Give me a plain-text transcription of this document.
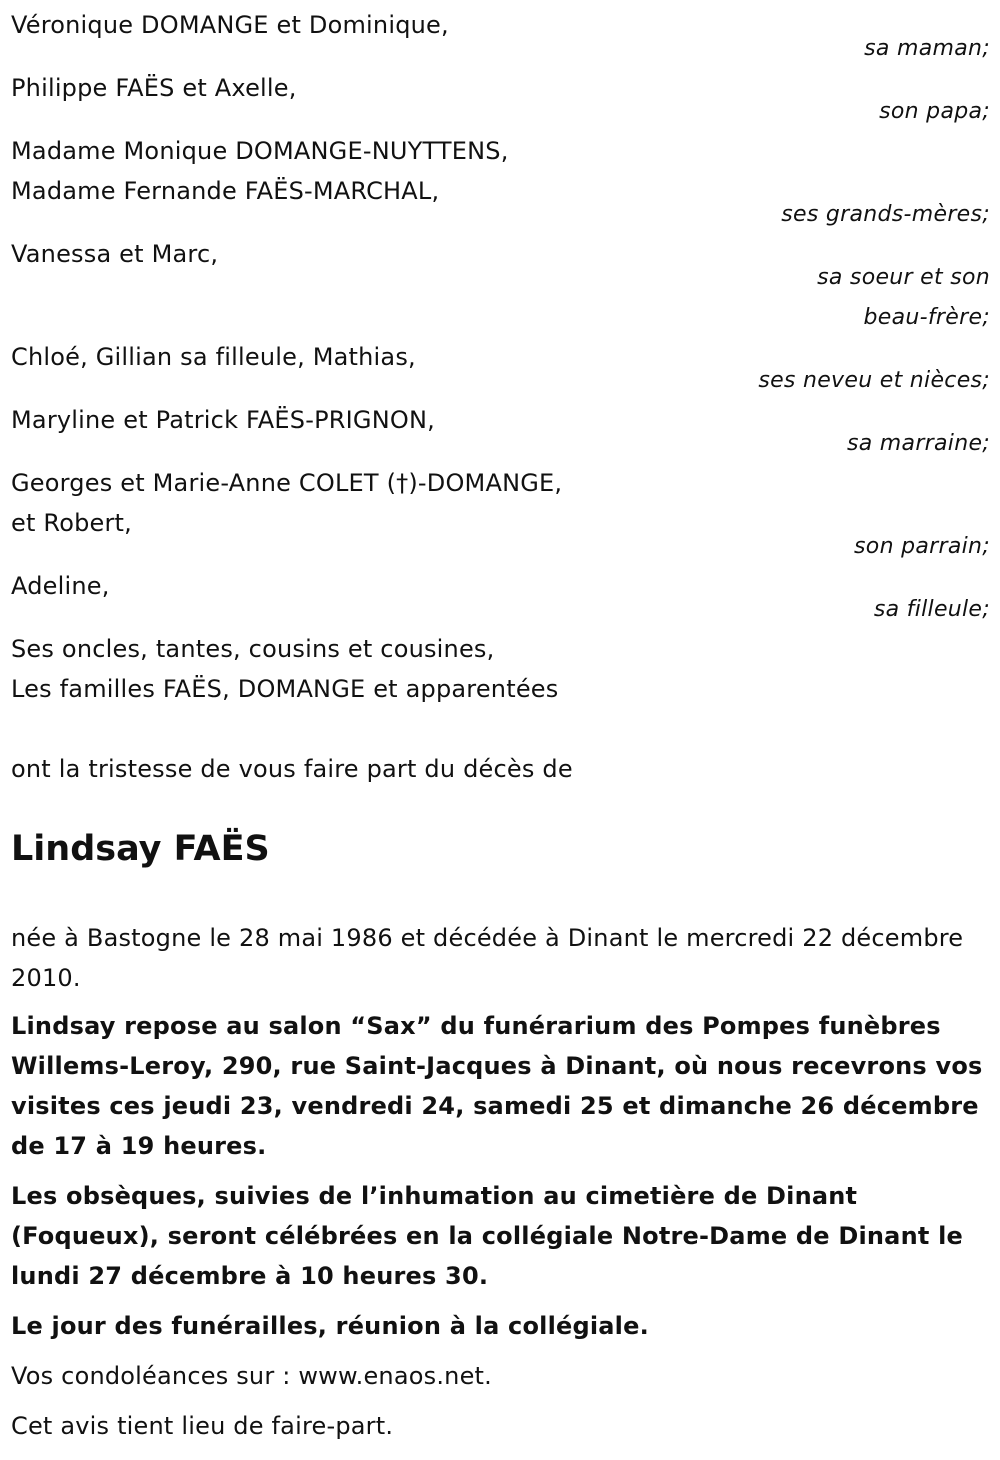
Véronique DOMANGE et Dominique,
sa maman;
Philippe FAËS et Axelle,
son papa;
Madame Monique DOMANGE-NUYTTENS,
Madame Fernande FAËS-MARCHAL,
ses grands-mères;
Vanessa et Marc,
sa soeur et son
beau-frère;
Chloé, Gillian sa filleule, Mathias,
ses neveu et nièces;
Maryline et Patrick FAËS-PRIGNON,
sa marraine;
Georges et Marie-Anne COLET (†)-DOMANGE,
et Robert,
son parrain;
Adeline,
sa filleule;
Ses oncles, tantes, cousins et cousines,
Les familles FAËS, DOMANGE et apparentées
ont la tristesse de vous faire part du décès de
Lindsay FAËS
née à Bastogne le 28 mai 1986 et décédée à Dinant le mercredi 22 décembre 2010.
Lindsay repose au salon “Sax” du funérarium des Pompes funèbres Willems-Leroy, 290, rue Saint-Jacques à Dinant, où nous recevrons vos visites ces jeudi 23, vendredi 24, samedi 25 et dimanche 26 décembre de 17 à 19 heures.
Les obsèques, suivies de l’inhumation au cimetière de Dinant (Foqueux), seront célébrées en la collégiale Notre-Dame de Dinant le lundi 27 décembre à 10 heures 30.
Le jour des funérailles, réunion à la collégiale.
Vos condoléances sur : www.enaos.net.
Cet avis tient lieu de faire-part.
